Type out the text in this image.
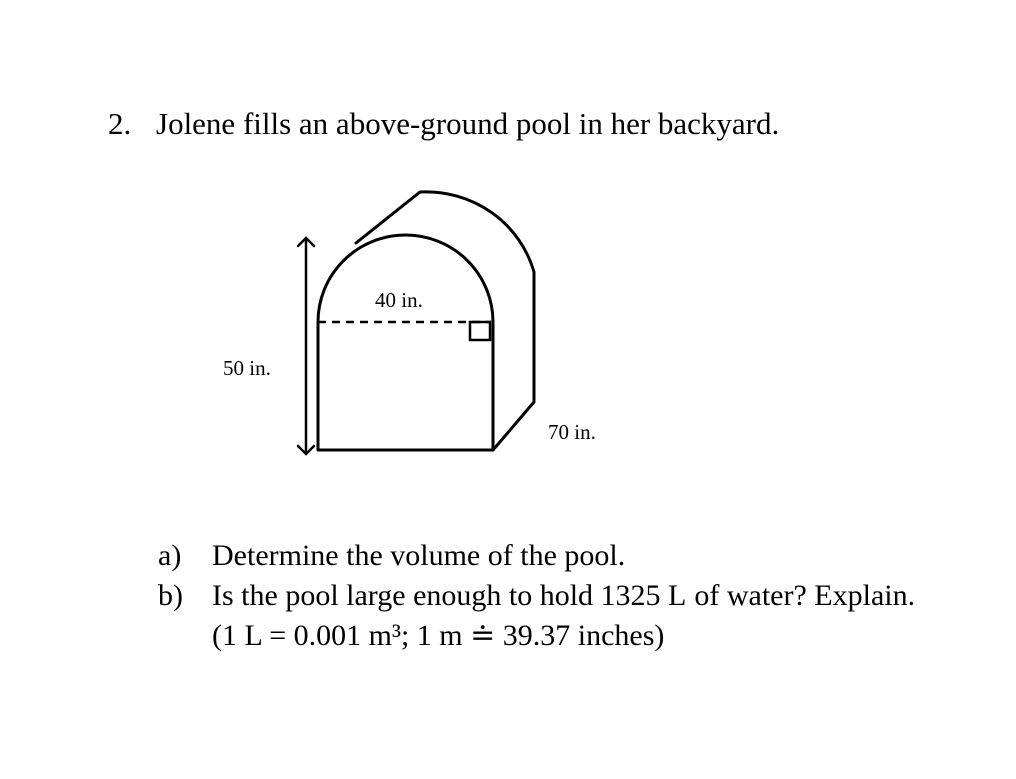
2. Jolene fills an above-ground pool in her backyard.
40 in.
50 in.
70 in.
a) Determine the volume of the pool.
b) Is the pool large enough to hold 1325 L of water? Explain.
(1 L = 0.001 m³; 1 m ≐ 39.37 inches)
